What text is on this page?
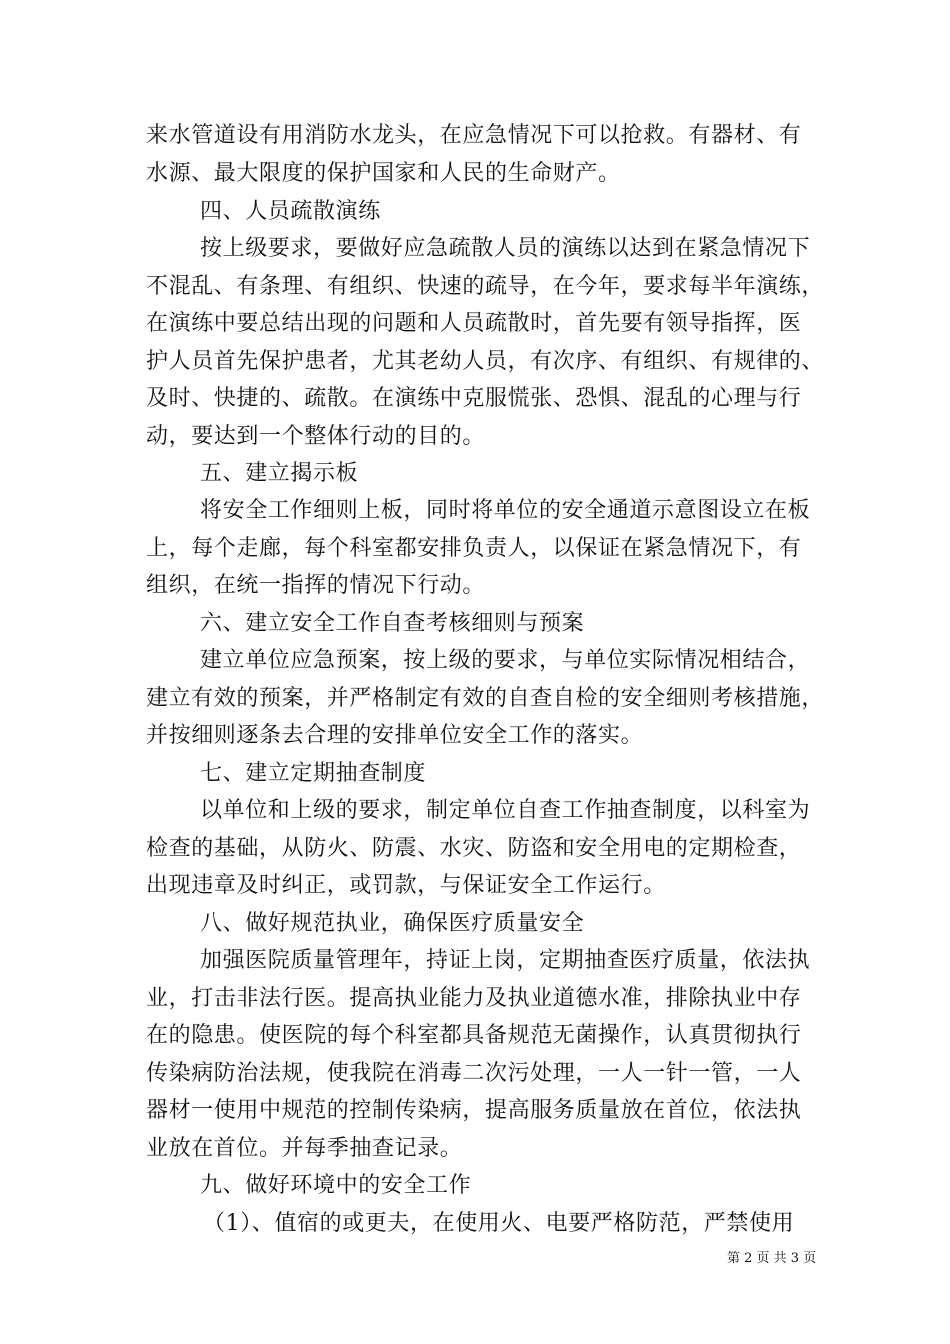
来水管道设有用消防水龙头，在应急情况下可以抢救。有器材、有
水源、最大限度的保护国家和人民的生命财产。
四、人员疏散演练
按上级要求，要做好应急疏散人员的演练以达到在紧急情况下
不混乱、有条理、有组织、快速的疏导，在今年，要求每半年演练，
在演练中要总结出现的问题和人员疏散时，首先要有领导指挥，医
护人员首先保护患者，尤其老幼人员，有次序、有组织、有规律的、
及时、快捷的、疏散。在演练中克服慌张、恐惧、混乱的心理与行
动，要达到一个整体行动的目的。
五、建立揭示板
将安全工作细则上板，同时将单位的安全通道示意图设立在板
上，每个走廊，每个科室都安排负责人，以保证在紧急情况下，有
组织，在统一指挥的情况下行动。
六、建立安全工作自查考核细则与预案
建立单位应急预案，按上级的要求，与单位实际情况相结合，
建立有效的预案，并严格制定有效的自查自检的安全细则考核措施，
并按细则逐条去合理的安排单位安全工作的落实。
七、建立定期抽查制度
以单位和上级的要求，制定单位自查工作抽查制度，以科室为
检查的基础，从防火、防震、水灾、防盗和安全用电的定期检查，
出现违章及时纠正，或罚款，与保证安全工作运行。
八、做好规范执业，确保医疗质量安全
加强医院质量管理年，持证上岗，定期抽查医疗质量，依法执
业，打击非法行医。提高执业能力及执业道德水准，排除执业中存
在的隐患。使医院的每个科室都具备规范无菌操作，认真贯彻执行
传染病防治法规，使我院在消毒二次污处理，一人一针一管，一人
器材一使用中规范的控制传染病，提高服务质量放在首位，依法执
业放在首位。并每季抽查记录。
九、做好环境中的安全工作
（1）、值宿的或更夫，在使用火、电要严格防范，严禁使用
第 2 页 共 3 页
